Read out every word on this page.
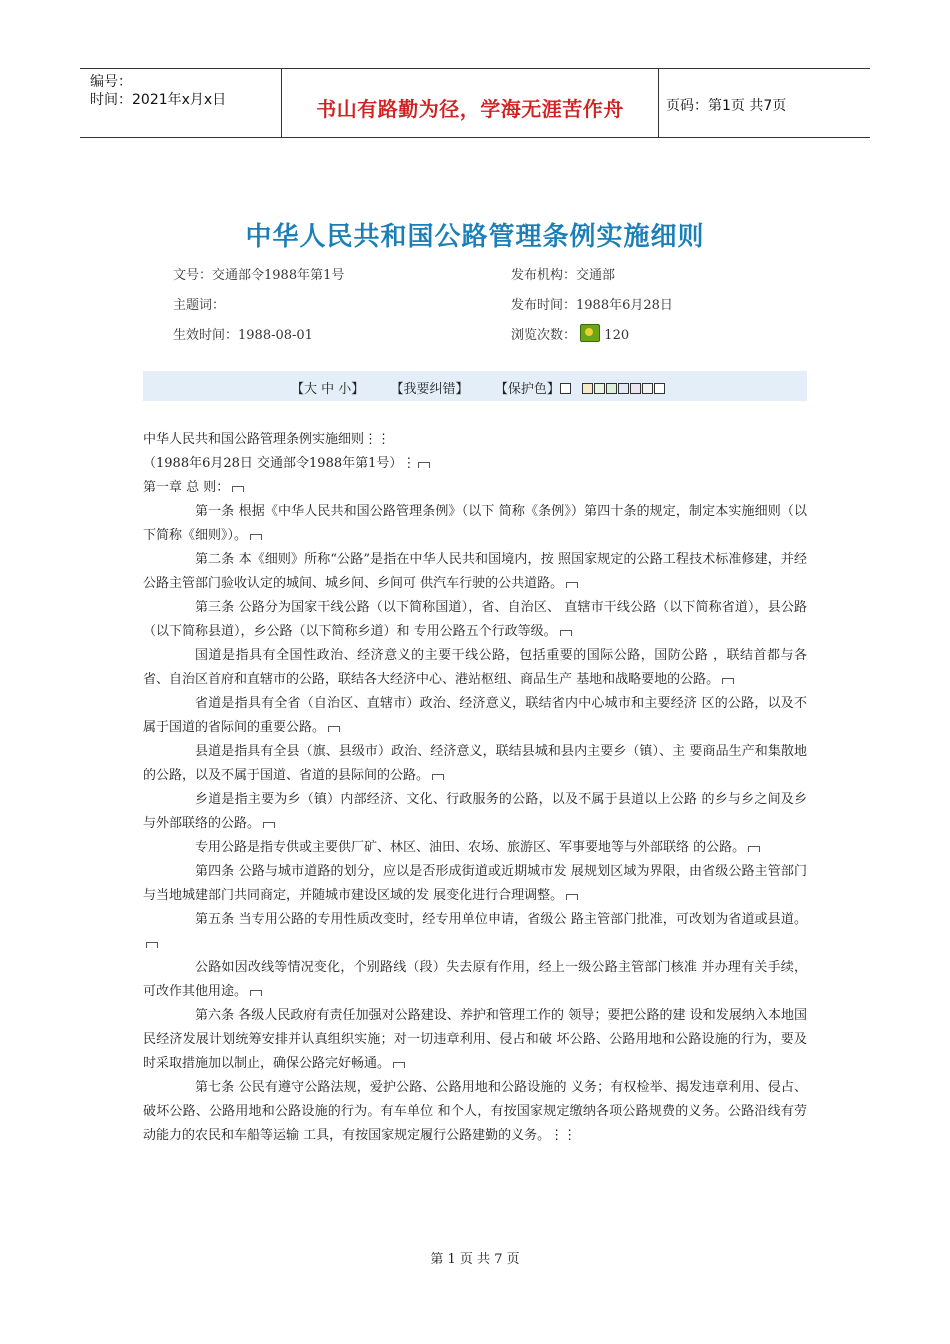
编号：
时间：2021年x月x日	书山有路勤为径，学海无涯苦作舟	页码：第1页 共7页
中华人民共和国公路管理条例实施细则
文号：交通部令1988年第1号	发布机构：交通部
主题词：	发布时间：1988年6月28日
生效时间：1988-08-01	浏览次数： 120
【大 中 小】 【我要纠错】 【保护色】

中华人民共和国公路管理条例实施细则⋮⋮

（1988年6月28日 交通部令1988年第1号）⋮

第一章 总 则：

第一条 根据《中华人民共和国公路管理条例》（以下 简称《条例》）第四十条的规定，制定本实施细则（以下简称《细则》）。

第二条 本《细则》所称“公路”是指在中华人民共和国境内，按 照国家规定的公路工程技术标准修建，并经公路主管部门验收认定的城间、城乡间、乡间可 供汽车行驶的公共道路。

第三条 公路分为国家干线公路（以下简称国道），省、自治区、 直辖市干线公路（以下简称省道），县公路（以下简称县道），乡公路（以下简称乡道）和 专用公路五个行政等级。

国道是指具有全国性政治、经济意义的主要干线公路，包括重要的国际公路，国防公路 ，联结首都与各省、自治区首府和直辖市的公路，联结各大经济中心、港站枢纽、商品生产 基地和战略要地的公路。

省道是指具有全省（自治区、直辖市）政治、经济意义，联结省内中心城市和主要经济 区的公路，以及不属于国道的省际间的重要公路。

县道是指具有全县（旗、县级市）政治、经济意义，联结县城和县内主要乡（镇）、主 要商品生产和集散地的公路，以及不属于国道、省道的县际间的公路。

乡道是指主要为乡（镇）内部经济、文化、行政服务的公路，以及不属于县道以上公路 的乡与乡之间及乡与外部联络的公路。

专用公路是指专供或主要供厂矿、林区、油田、农场、旅游区、军事要地等与外部联络 的公路。

第四条 公路与城市道路的划分，应以是否形成街道或近期城市发 展规划区域为界限，由省级公路主管部门与当地城建部门共同商定，并随城市建设区域的发 展变化进行合理调整。

第五条 当专用公路的专用性质改变时，经专用单位申请，省级公 路主管部门批准，可改划为省道或县道。

公路如因改线等情况变化，个别路线（段）失去原有作用，经上一级公路主管部门核准 并办理有关手续，可改作其他用途。

第六条 各级人民政府有责任加强对公路建设、养护和管理工作的 领导；要把公路的建 设和发展纳入本地国民经济发展计划统筹安排并认真组织实施；对一切违章利用、侵占和破 坏公路、公路用地和公路设施的行为，要及时采取措施加以制止，确保公路完好畅通。

第七条 公民有遵守公路法规，爱护公路、公路用地和公路设施的 义务；有权检举、揭发违章利用、侵占、破坏公路、公路用地和公路设施的行为。有车单位 和个人，有按国家规定缴纳各项公路规费的义务。公路沿线有劳动能力的农民和车船等运输 工具，有按国家规定履行公路建勤的义务。⋮⋮

第 1 页 共 7 页
